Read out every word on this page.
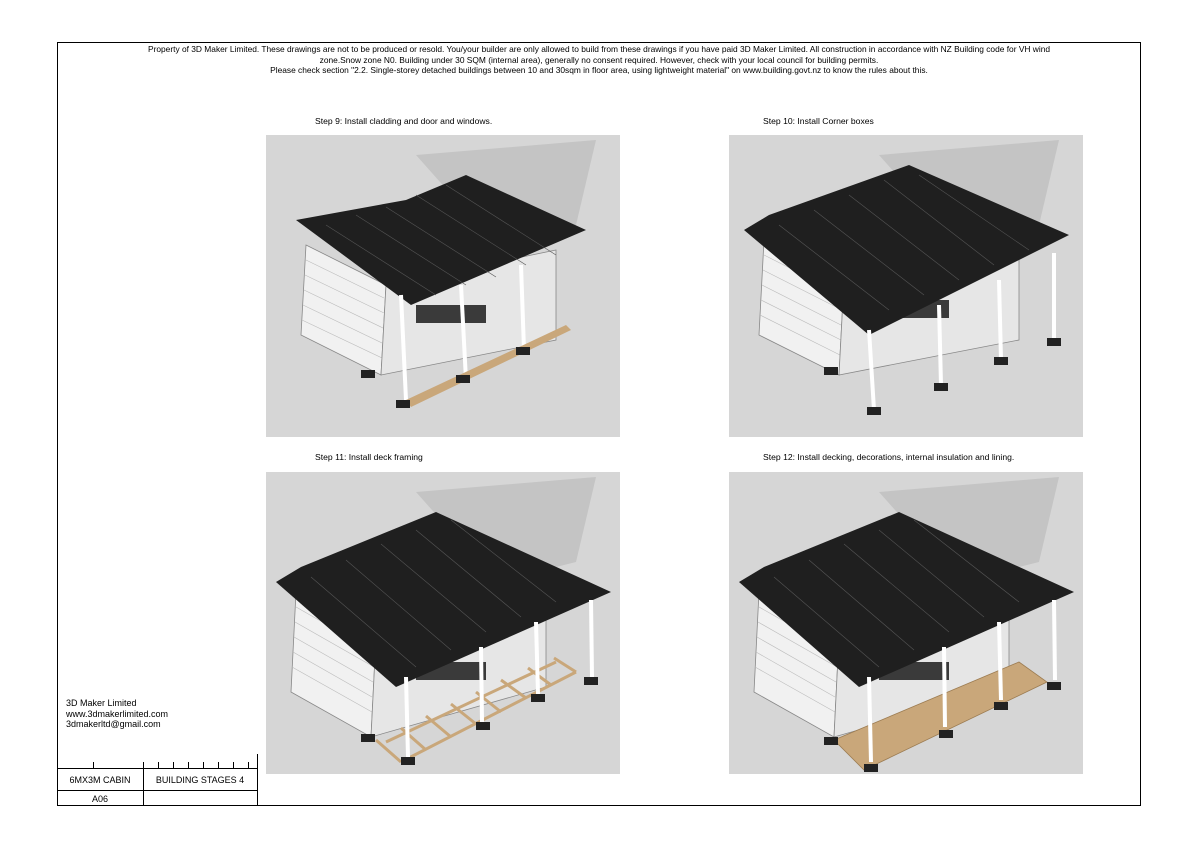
Property of 3D Maker Limited. These drawings are not to be produced or resold. You/your builder are only allowed to build from these drawings if you have paid 3D Maker Limited. All construction in accordance with NZ Building code for VH wind
zone.Snow zone N0. Building under 30 SQM (internal area), generally no consent required. However, check with your local council for building permits.
Please check section "2.2. Single-storey detached buildings between 10 and 30sqm in floor area, using lightweight material" on www.building.govt.nz to know the rules about this.
Step 9: Install cladding and door and windows.	Step 10: Install Corner boxes
Step 11: Install deck framing	Step 12: Install decking, decorations, internal insulation and lining.
3D Maker Limited
www.3dmakerlimited.com
3dmakerltd@gmail.com
6MX3M CABIN	BUILDING STAGES 4
A06
